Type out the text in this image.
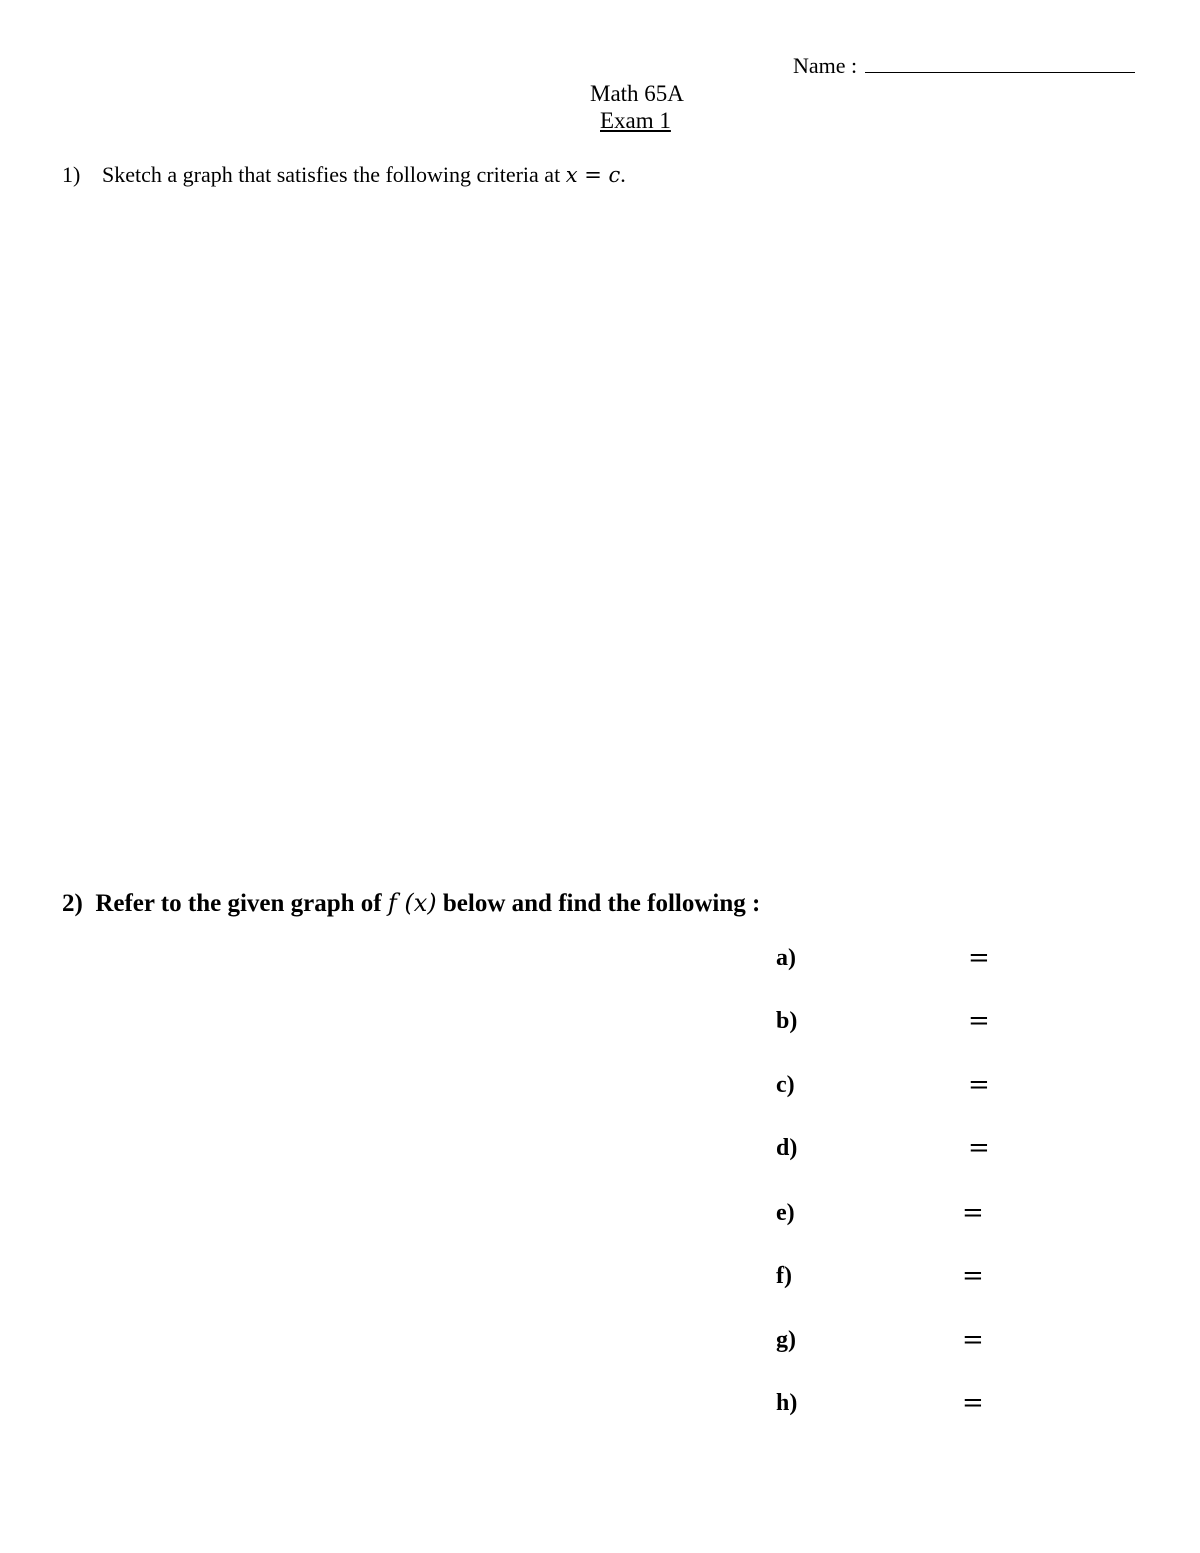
Name :
Math 65A
Exam 1
1) Sketch a graph that satisfies the following criteria at x = c.
2)  Refer to the given graph of f (x) below and find the following :
a)	=
b)	=
c)	=
d)	=
e)	=
f)	=
g)	=
h)	=
